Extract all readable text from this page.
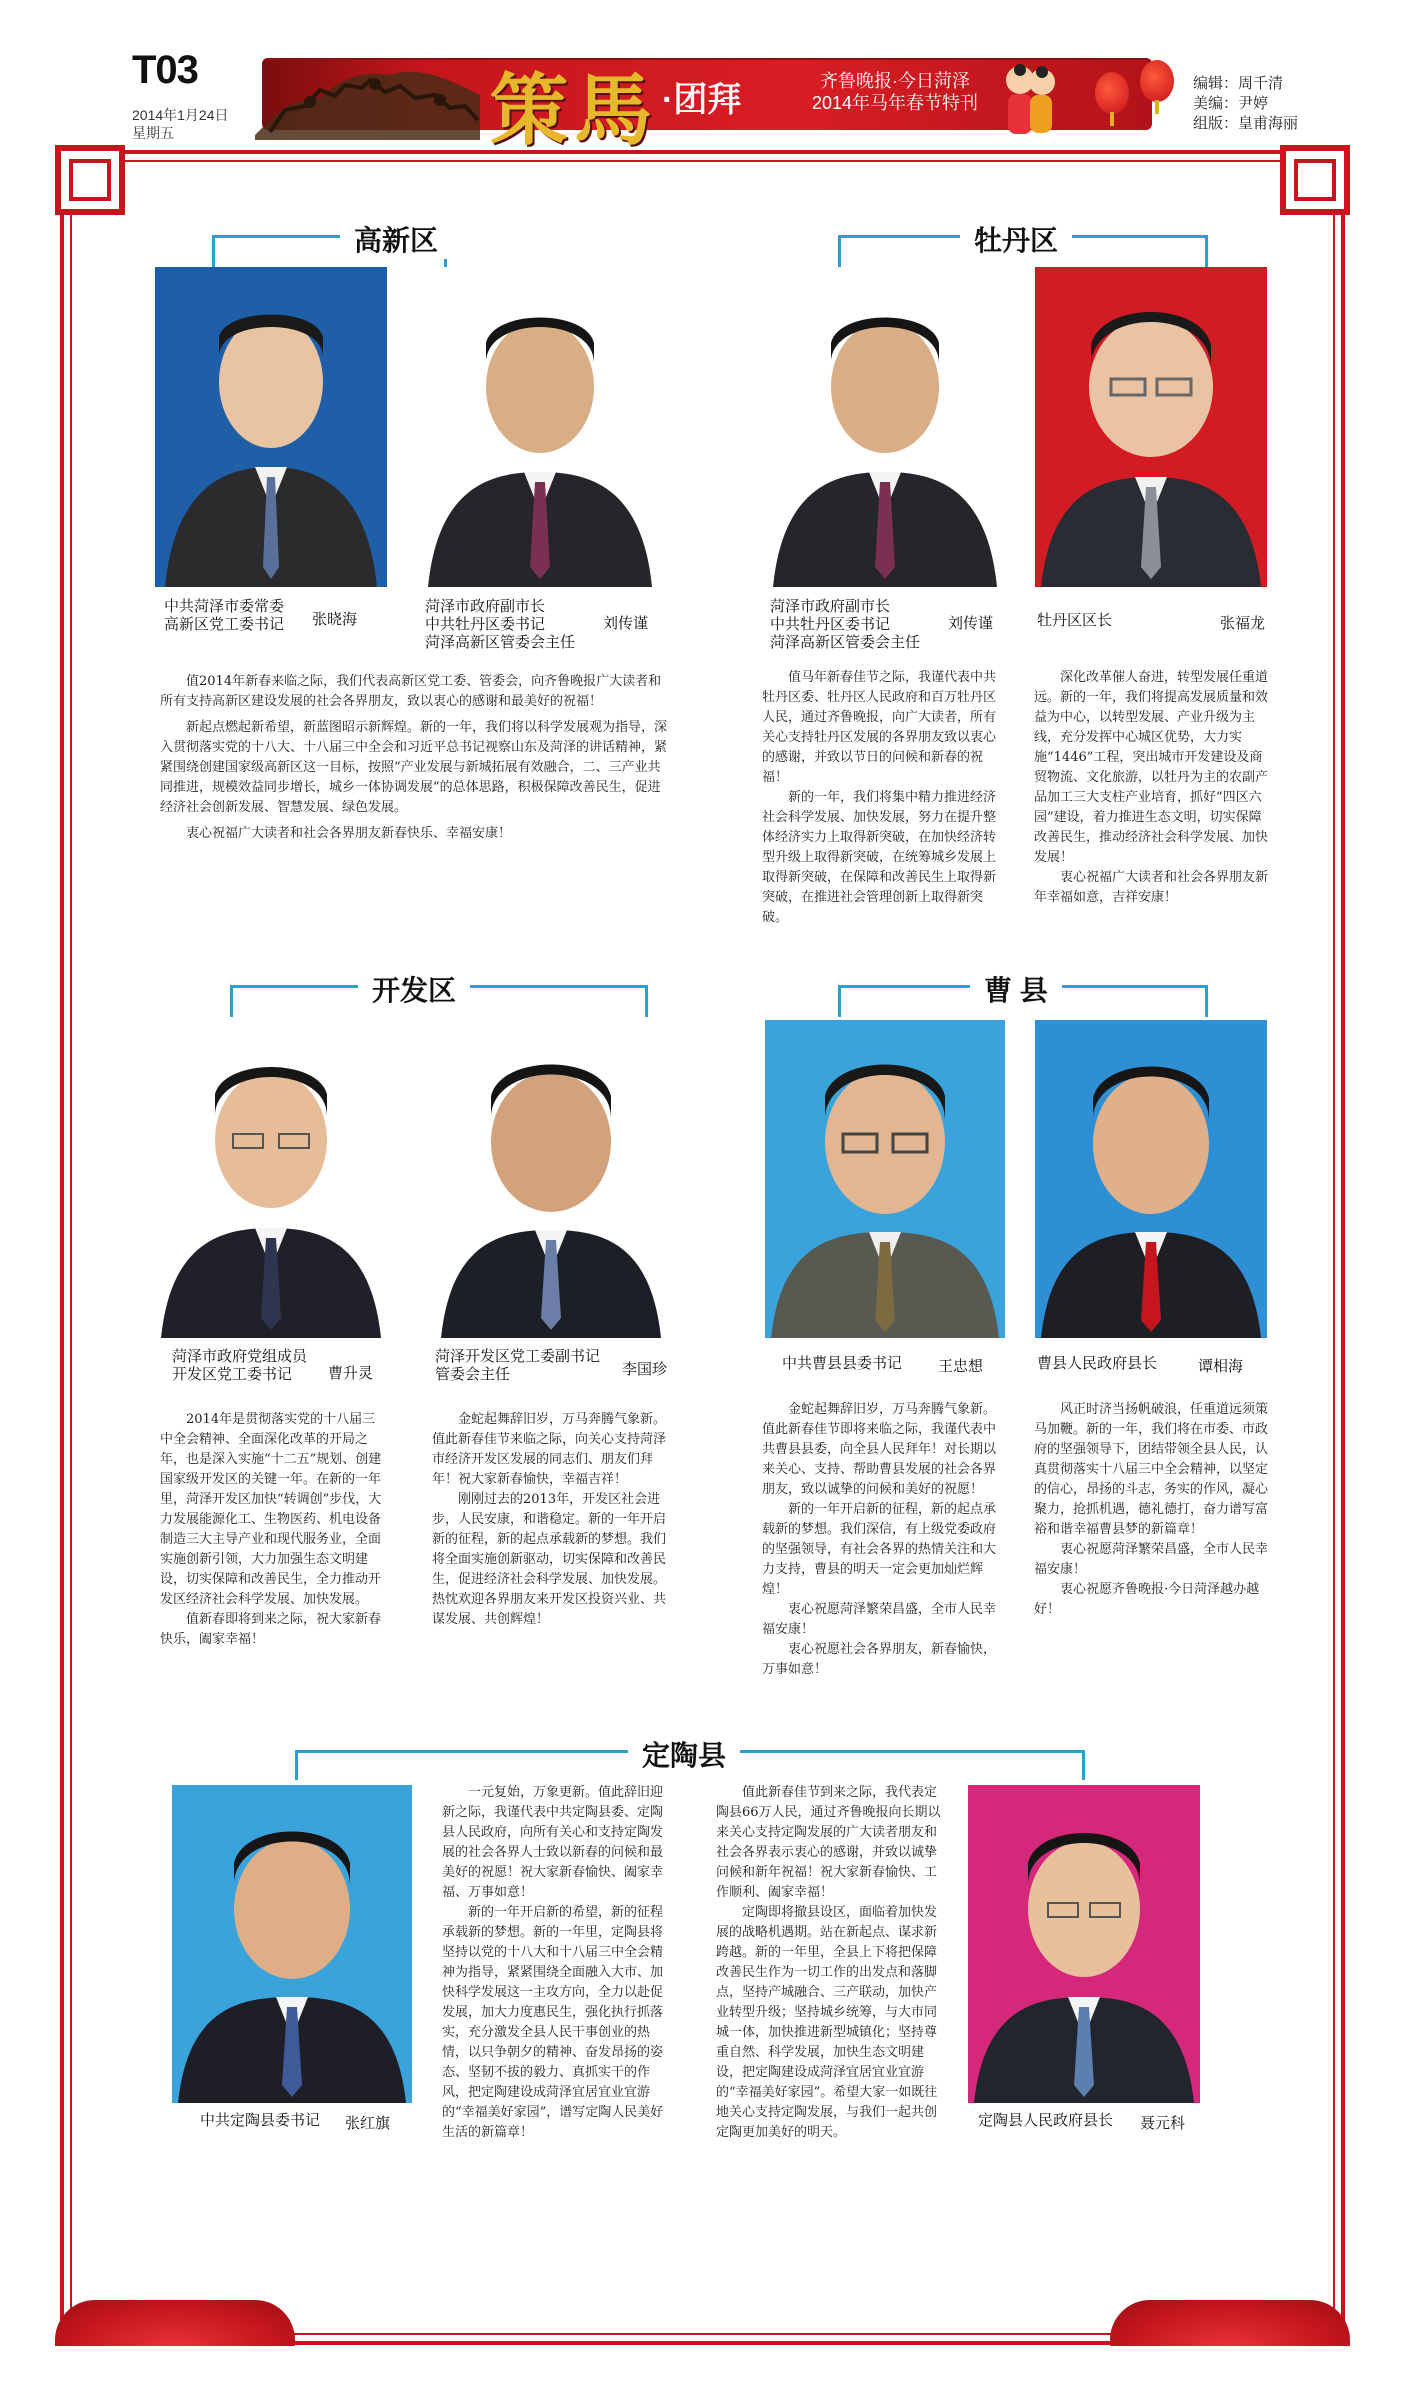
T03
2014年1月24日
星期五	策馬 ·团拜	齐鲁晚报·今日菏泽
2014年马年春节特刊
编辑：周千清
美编：尹婷
组版：皇甫海丽
高新区
中共菏泽市委常委
高新区党工委书记 张晓海
菏泽市政府副市长
中共牡丹区委书记
菏泽高新区管委会主任
刘传谨

值2014年新春来临之际，我们代表高新区党工委、管委会，向齐鲁晚报广大读者和所有支持高新区建设发展的社会各界朋友，致以衷心的感谢和最美好的祝福！

新起点燃起新希望，新蓝图昭示新辉煌。新的一年，我们将以科学发展观为指导，深入贯彻落实党的十八大、十八届三中全会和习近平总书记视察山东及菏泽的讲话精神，紧紧围绕创建国家级高新区这一目标，按照“产业发展与新城拓展有效融合，二、三产业共同推进，规模效益同步增长，城乡一体协调发展”的总体思路，积极保障改善民生，促进经济社会创新发展、智慧发展、绿色发展。

衷心祝福广大读者和社会各界朋友新春快乐、幸福安康！

牡丹区
菏泽市政府副市长
中共牡丹区委书记
菏泽高新区管委会主任
刘传谨	牡丹区区长	张福龙

值马年新春佳节之际，我谨代表中共牡丹区委、牡丹区人民政府和百万牡丹区人民，通过齐鲁晚报，向广大读者，所有关心支持牡丹区发展的各界朋友致以衷心的感谢，并致以节日的问候和新春的祝福！

新的一年，我们将集中精力推进经济社会科学发展、加快发展，努力在提升整体经济实力上取得新突破，在加快经济转型升级上取得新突破，在统筹城乡发展上取得新突破，在保障和改善民生上取得新突破，在推进社会管理创新上取得新突破。

深化改革催人奋进，转型发展任重道远。新的一年，我们将提高发展质量和效益为中心，以转型发展、产业升级为主线，充分发挥中心城区优势，大力实施“1446”工程，突出城市开发建设及商贸物流、文化旅游，以牡丹为主的农副产品加工三大支柱产业培育，抓好“四区六园”建设，着力推进生态文明，切实保障改善民生，推动经济社会科学发展、加快发展！

衷心祝福广大读者和社会各界朋友新年幸福如意，吉祥安康！

开发区
菏泽市政府党组成员
开发区党工委书记	曹升灵
菏泽开发区党工委副书记
管委会主任	李国珍

2014年是贯彻落实党的十八届三中全会精神、全面深化改革的开局之年，也是深入实施“十二五”规划、创建国家级开发区的关键一年。在新的一年里，菏泽开发区加快“转调创”步伐，大力发展能源化工、生物医药、机电设备制造三大主导产业和现代服务业，全面实施创新引领，大力加强生态文明建设，切实保障和改善民生，全力推动开发区经济社会科学发展、加快发展。

值新春即将到来之际，祝大家新春快乐，阖家幸福！

金蛇起舞辞旧岁，万马奔腾气象新。值此新春佳节来临之际，向关心支持菏泽市经济开发区发展的同志们、朋友们拜年！祝大家新春愉快，幸福吉祥！

刚刚过去的2013年，开发区社会进步，人民安康，和谐稳定。新的一年开启新的征程，新的起点承载新的梦想。我们将全面实施创新驱动，切实保障和改善民生，促进经济社会科学发展、加快发展。热忱欢迎各界朋友来开发区投资兴业、共谋发展、共创辉煌！

曹 县
中共曹县县委书记 王忠想	曹县人民政府县长	谭相海

金蛇起舞辞旧岁，万马奔腾气象新。值此新春佳节即将来临之际，我谨代表中共曹县县委，向全县人民拜年！对长期以来关心、支持、帮助曹县发展的社会各界朋友，致以诚挚的问候和美好的祝愿！

新的一年开启新的征程，新的起点承载新的梦想。我们深信，有上级党委政府的坚强领导，有社会各界的热情关注和大力支持，曹县的明天一定会更加灿烂辉煌！

衷心祝愿菏泽繁荣昌盛，全市人民幸福安康！

衷心祝愿社会各界朋友，新春愉快，万事如意！

风正时济当扬帆破浪，任重道远须策马加鞭。新的一年，我们将在市委、市政府的坚强领导下，团结带领全县人民，认真贯彻落实十八届三中全会精神，以坚定的信心，昂扬的斗志，务实的作风，凝心聚力，抢抓机遇，德礼德打，奋力谱写富裕和谐幸福曹县梦的新篇章！

衷心祝愿菏泽繁荣昌盛，全市人民幸福安康！

衷心祝愿齐鲁晚报·今日菏泽越办越好！

定陶县
中共定陶县委书记 张红旗	定陶县人民政府县长 聂元科

一元复始，万象更新。值此辞旧迎新之际，我谨代表中共定陶县委、定陶县人民政府，向所有关心和支持定陶发展的社会各界人士致以新春的问候和最美好的祝愿！祝大家新春愉快、阖家幸福、万事如意！

新的一年开启新的希望，新的征程承载新的梦想。新的一年里，定陶县将坚持以党的十八大和十八届三中全会精神为指导，紧紧围绕全面融入大市、加快科学发展这一主攻方向，全力以赴促发展，加大力度惠民生，强化执行抓落实，充分激发全县人民干事创业的热情，以只争朝夕的精神、奋发昂扬的姿态、坚韧不拔的毅力、真抓实干的作风，把定陶建设成菏泽宜居宜业宜游的“幸福美好家园”，谱写定陶人民美好生活的新篇章！

值此新春佳节到来之际，我代表定陶县66万人民，通过齐鲁晚报向长期以来关心支持定陶发展的广大读者朋友和社会各界表示衷心的感谢，并致以诚挚问候和新年祝福！祝大家新春愉快、工作顺利、阖家幸福！

定陶即将撤县设区，面临着加快发展的战略机遇期。站在新起点、谋求新跨越。新的一年里，全县上下将把保障改善民生作为一切工作的出发点和落脚点，坚持产城融合、三产联动，加快产业转型升级；坚持城乡统筹，与大市同城一体，加快推进新型城镇化；坚持尊重自然、科学发展，加快生态文明建设，把定陶建设成菏泽宜居宜业宜游的“幸福美好家园”。希望大家一如既往地关心支持定陶发展，与我们一起共创定陶更加美好的明天。
